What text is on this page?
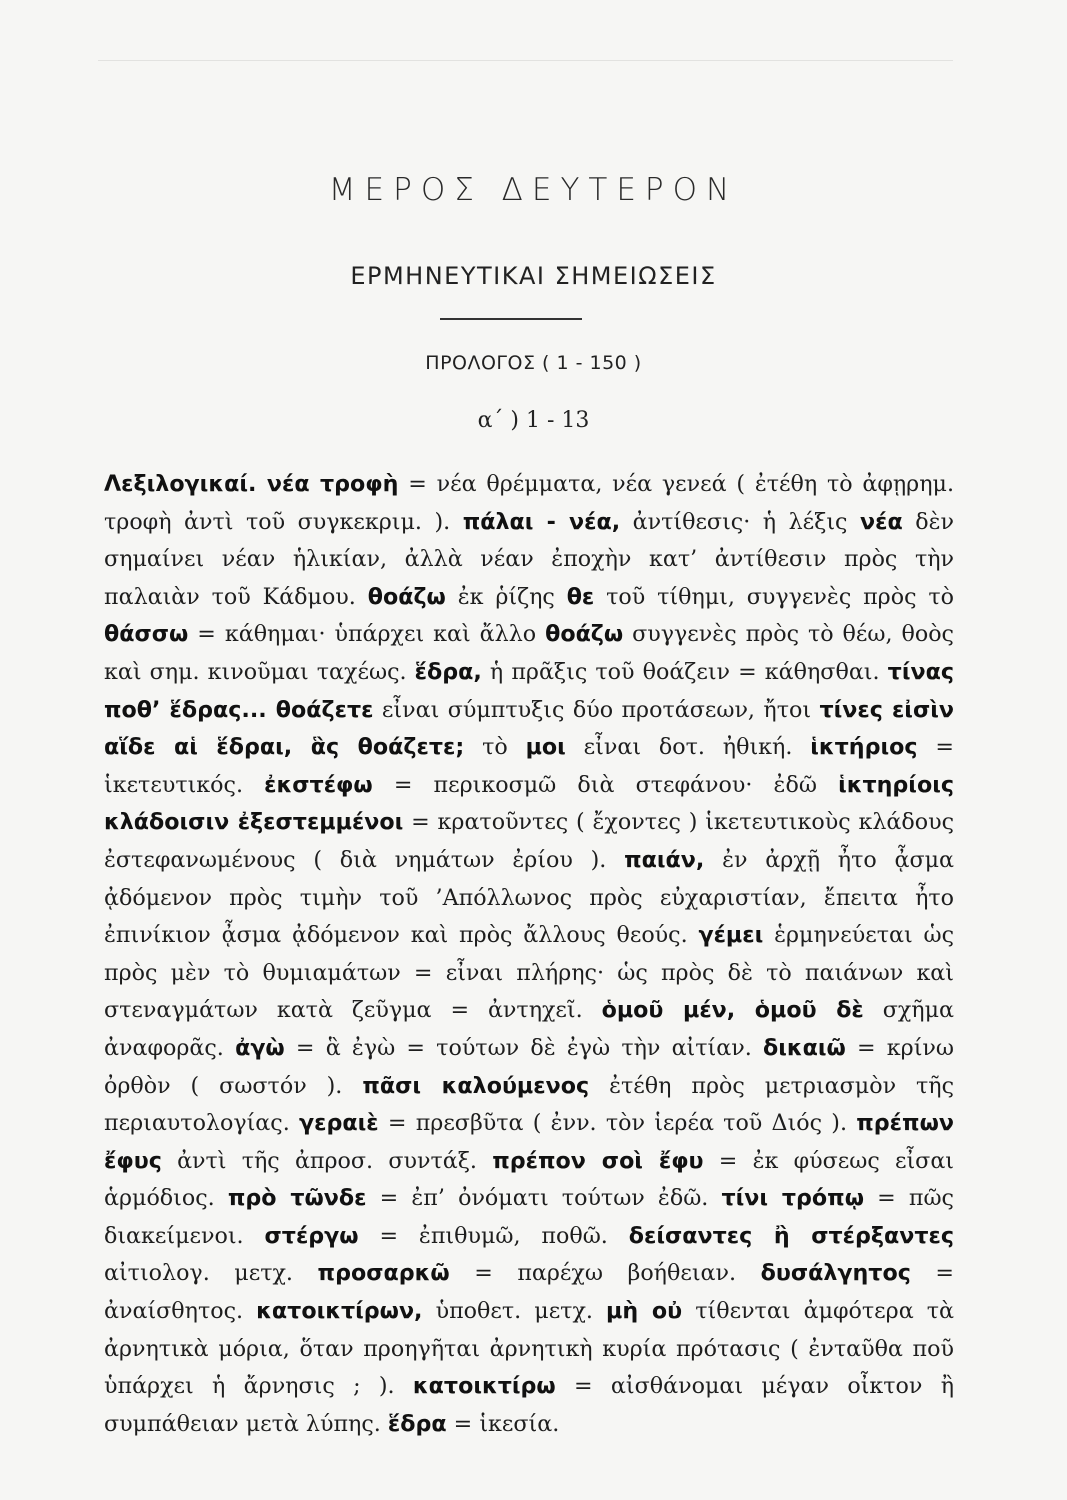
ΜΕΡΟΣ ΔΕΥΤΕΡΟΝ
ΕΡΜΗΝΕΥΤΙΚΑΙ ΣΗΜΕΙΩΣΕΙΣ
ΠΡΟΛΟΓΟΣ ( 1 - 150 )
α΄ ) 1 - 13
Λεξιλογικαί. νέα τροφὴ = νέα θρέμματα, νέα γενεά ( ἐτέθη τὸ ἀφῃρημ. τροφὴ ἀντὶ τοῦ συγκεκριμ. ). πάλαι - νέα, ἀντίθεσις· ἡ λέξις νέα δὲν σημαίνει νέαν ἡλικίαν, ἀλλὰ νέαν ἐποχὴν κατ’ ἀντίθεσιν πρὸς τὴν παλαιὰν τοῦ Κάδμου. θοάζω ἐκ ῥίζης θε τοῦ τίθημι, συγγενὲς πρὸς τὸ θάσσω = κάθημαι· ὑπάρχει καὶ ἄλλο θοάζω συγγενὲς πρὸς τὸ θέω, θοὸς καὶ σημ. κινοῦμαι ταχέως. ἕδρα, ἡ πρᾶξις τοῦ θοάζειν = κάθησθαι. τίνας ποθ’ ἕδρας... θοάζετε εἶναι σύμπτυξις δύο προτάσεων, ἤτοι τίνες εἰσὶν αἵδε αἱ ἕδραι, ἃς θοάζετε; τὸ μοι εἶναι δοτ. ἠθική. ἱκτήριος = ἱκετευτικός. ἐκστέφω = περικοσμῶ διὰ στεφάνου· ἐδῶ ἱκτηρίοις κλάδοισιν ἐξεστεμμένοι = κρατοῦντες ( ἔχοντες ) ἱκετευτικοὺς κλάδους ἐστεφανωμένους ( διὰ νημάτων ἐρίου ). παιάν, ἐν ἀρχῇ ἦτο ᾆσμα ᾀδόμενον πρὸς τιμὴν τοῦ ’Απόλλωνος πρὸς εὐχαριστίαν, ἔπειτα ἦτο ἐπινίκιον ᾆσμα ᾀδόμενον καὶ πρὸς ἄλλους θεούς. γέμει ἑρμηνεύεται ὡς πρὸς μὲν τὸ θυμιαμάτων = εἶναι πλήρης· ὡς πρὸς δὲ τὸ παιάνων καὶ στεναγμάτων κατὰ ζεῦγμα = ἀντηχεῖ. ὁμοῦ μέν, ὁμοῦ δὲ σχῆμα ἀναφορᾶς. ἀγὼ = ἃ ἐγὼ = τούτων δὲ ἐγὼ τὴν αἰτίαν. δικαιῶ = κρίνω ὀρθὸν ( σωστόν ). πᾶσι καλούμενος ἐτέθη πρὸς μετριασμὸν τῆς περιαυτολογίας. γεραιὲ = πρεσβῦτα ( ἐνν. τὸν ἱερέα τοῦ Διός ). πρέπων ἔφυς ἀντὶ τῆς ἀπροσ. συντάξ. πρέπον σοὶ ἔφυ = ἐκ φύσεως εἶσαι ἁρμόδιος. πρὸ τῶνδε = ἐπ’ ὀνόματι τούτων ἐδῶ. τίνι τρόπῳ = πῶς διακείμενοι. στέργω = ἐπιθυμῶ, ποθῶ. δείσαντες ἢ στέρξαντες αἰτιολογ. μετχ. προσαρκῶ = παρέχω βοήθειαν. δυσάλγητος = ἀναίσθητος. κατοικτίρων, ὑποθετ. μετχ. μὴ οὐ τίθενται ἀμφότερα τὰ ἀρνητικὰ μόρια, ὅταν προηγῆται ἀρνητικὴ κυρία πρότασις ( ἐνταῦθα ποῦ ὑπάρχει ἡ ἄρνησις ; ). κατοικτίρω = αἰσθάνομαι μέγαν οἶκτον ἢ συμπάθειαν μετὰ λύπης. ἕδρα = ἱκεσία.
